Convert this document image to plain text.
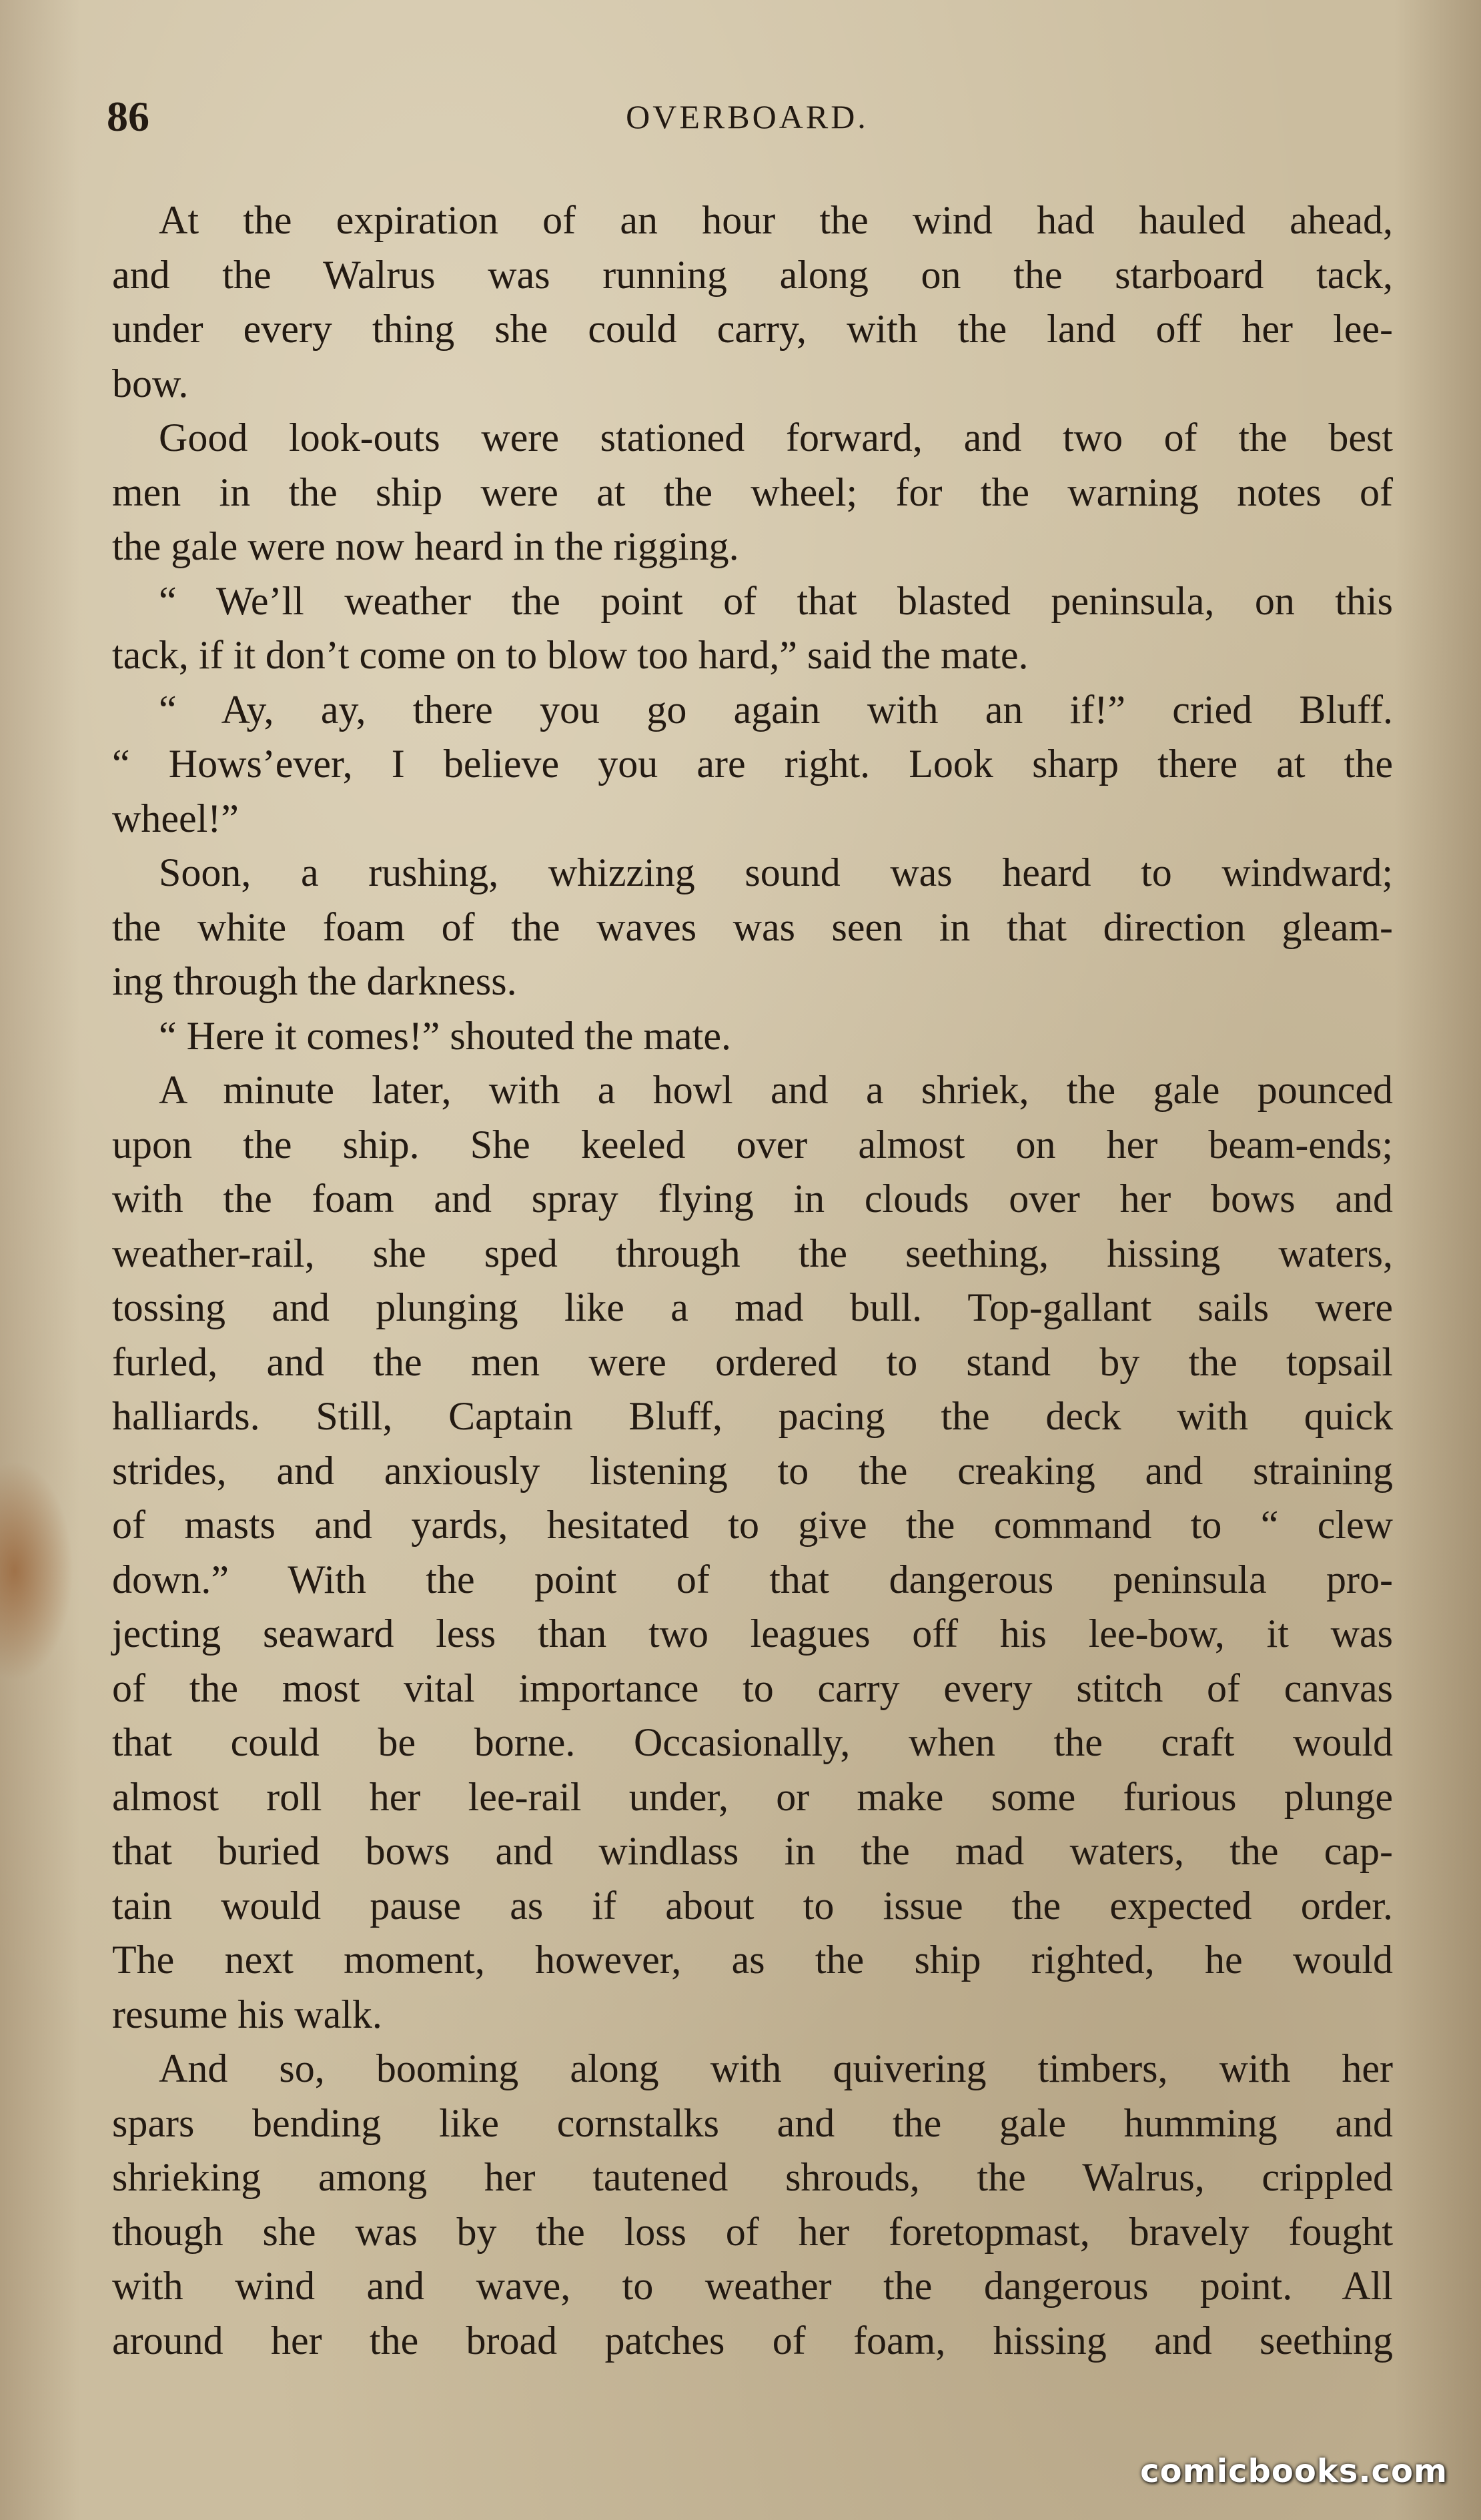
86	OVERBOARD.
At the expiration of an hour the wind had hauled ahead,
and the Walrus was running along on the starboard tack,
under every thing she could carry, with the land off her lee-
bow.
Good look-outs were stationed forward, and two of the best
men in the ship were at the wheel; for the warning notes of
the gale were now heard in the rigging.
“ We’ll weather the point of that blasted peninsula, on this
tack, if it don’t come on to blow too hard,” said the mate.
“ Ay, ay, there you go again with an if!” cried Bluff.
“ Hows’ever, I believe you are right. Look sharp there at the
wheel!”
Soon, a rushing, whizzing sound was heard to windward;
the white foam of the waves was seen in that direction gleam-
ing through the darkness.
“ Here it comes!” shouted the mate.
A minute later, with a howl and a shriek, the gale pounced
upon the ship. She keeled over almost on her beam-ends;
with the foam and spray flying in clouds over her bows and
weather-rail, she sped through the seething, hissing waters,
tossing and plunging like a mad bull. Top-gallant sails were
furled, and the men were ordered to stand by the topsail
halliards. Still, Captain Bluff, pacing the deck with quick
strides, and anxiously listening to the creaking and straining
of masts and yards, hesitated to give the command to “ clew
down.” With the point of that dangerous peninsula pro-
jecting seaward less than two leagues off his lee-bow, it was
of the most vital importance to carry every stitch of canvas
that could be borne. Occasionally, when the craft would
almost roll her lee-rail under, or make some furious plunge
that buried bows and windlass in the mad waters, the cap-
tain would pause as if about to issue the expected order.
The next moment, however, as the ship righted, he would
resume his walk.
And so, booming along with quivering timbers, with her
spars bending like cornstalks and the gale humming and
shrieking among her tautened shrouds, the Walrus, crippled
though she was by the loss of her foretopmast, bravely fought
with wind and wave, to weather the dangerous point. All
around her the broad patches of foam, hissing and seething
comicbooks.com
